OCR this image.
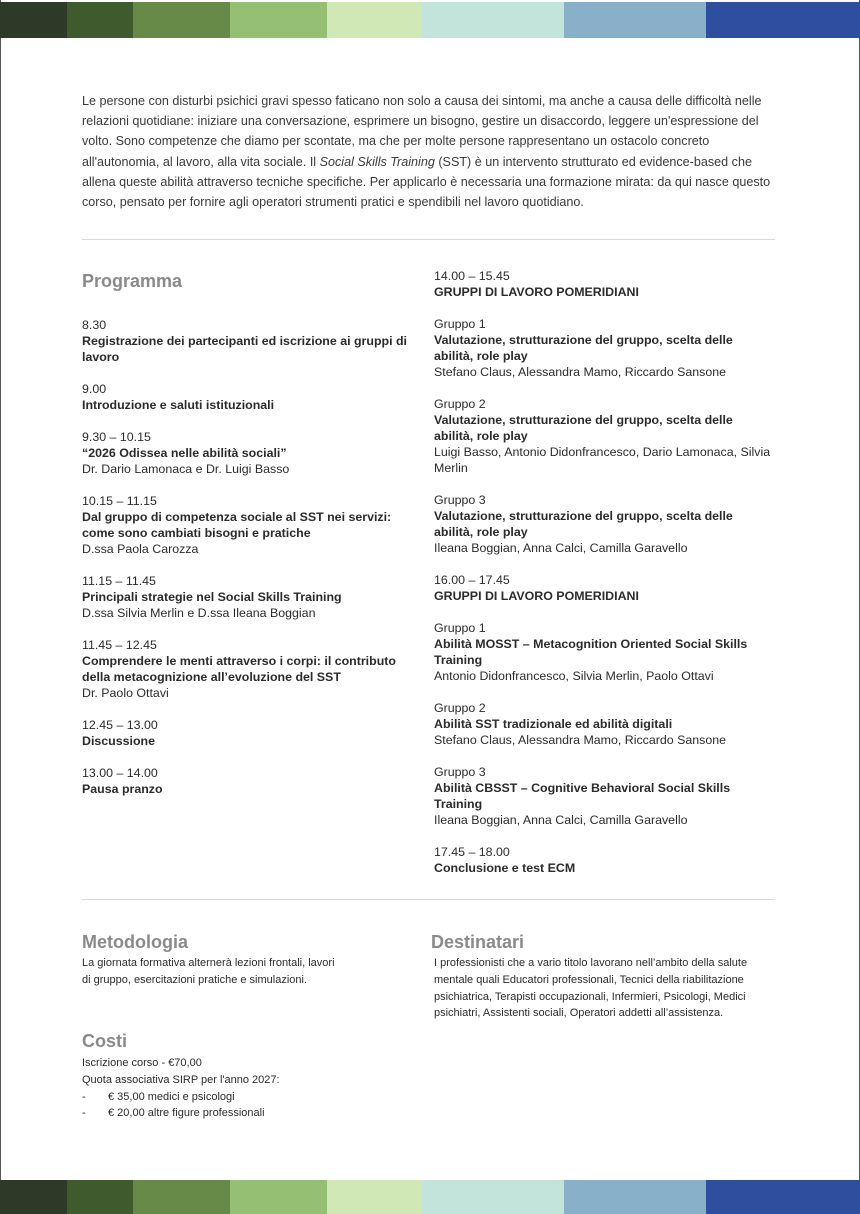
Le persone con disturbi psichici gravi spesso faticano non solo a causa dei sintomi, ma anche a causa delle difficoltà nelle relazioni quotidiane: iniziare una conversazione, esprimere un bisogno, gestire un disaccordo, leggere un'espressione del volto. Sono competenze che diamo per scontate, ma che per molte persone rappresentano un ostacolo concreto all'autonomia, al lavoro, alla vita sociale. Il Social Skills Training (SST) è un intervento strutturato ed evidence-based che allena queste abilità attraverso tecniche specifiche. Per applicarlo è necessaria una formazione mirata: da qui nasce questo corso, pensato per fornire agli operatori strumenti pratici e spendibili nel lavoro quotidiano.

Programma
8.30
Registrazione dei partecipanti ed iscrizione ai gruppi di lavoro
9.00
Introduzione e saluti istituzionali
9.30 – 10.15
“2026 Odissea nelle abilità sociali”
Dr. Dario Lamonaca e Dr. Luigi Basso
10.15 – 11.15
Dal gruppo di competenza sociale al SST nei servizi: come sono cambiati bisogni e pratiche
D.ssa Paola Carozza
11.15 – 11.45
Principali strategie nel Social Skills Training
D.ssa Silvia Merlin e D.ssa Ileana Boggian
11.45 – 12.45
Comprendere le menti attraverso i corpi: il contributo della metacognizione all’evoluzione del SST
Dr. Paolo Ottavi
12.45 – 13.00
Discussione
13.00 – 14.00
Pausa pranzo
14.00 – 15.45
GRUPPI DI LAVORO POMERIDIANI
Gruppo 1
Valutazione, strutturazione del gruppo, scelta delle abilità, role play
Stefano Claus, Alessandra Mamo, Riccardo Sansone
Gruppo 2
Valutazione, strutturazione del gruppo, scelta delle abilità, role play
Luigi Basso, Antonio Didonfrancesco, Dario Lamonaca, Silvia Merlin
Gruppo 3
Valutazione, strutturazione del gruppo, scelta delle abilità, role play
Ileana Boggian, Anna Calci, Camilla Garavello
16.00 – 17.45
GRUPPI DI LAVORO POMERIDIANI
Gruppo 1
Abilità MOSST – Metacognition Oriented Social Skills Training
Antonio Didonfrancesco, Silvia Merlin, Paolo Ottavi
Gruppo 2
Abilità SST tradizionale ed abilità digitali
Stefano Claus, Alessandra Mamo, Riccardo Sansone
Gruppo 3
Abilità CBSST – Cognitive Behavioral Social Skills Training
Ileana Boggian, Anna Calci, Camilla Garavello
17.45 – 18.00
Conclusione e test ECM
Metodologia

La giornata formativa alternerà lezioni frontali, lavori di gruppo, esercitazioni pratiche e simulazioni.

Destinatari

I professionisti che a vario titolo lavorano nell’ambito della salute mentale quali Educatori professionali, Tecnici della riabilitazione psichiatrica, Terapisti occupazionali, Infermieri, Psicologi, Medici psichiatri, Assistenti sociali, Operatori addetti all’assistenza.

Costi
Iscrizione corso - €70,00
Quota associativa SIRP per l'anno 2027:
-	€ 35,00 medici e psicologi
-	€ 20,00 altre figure professionali
